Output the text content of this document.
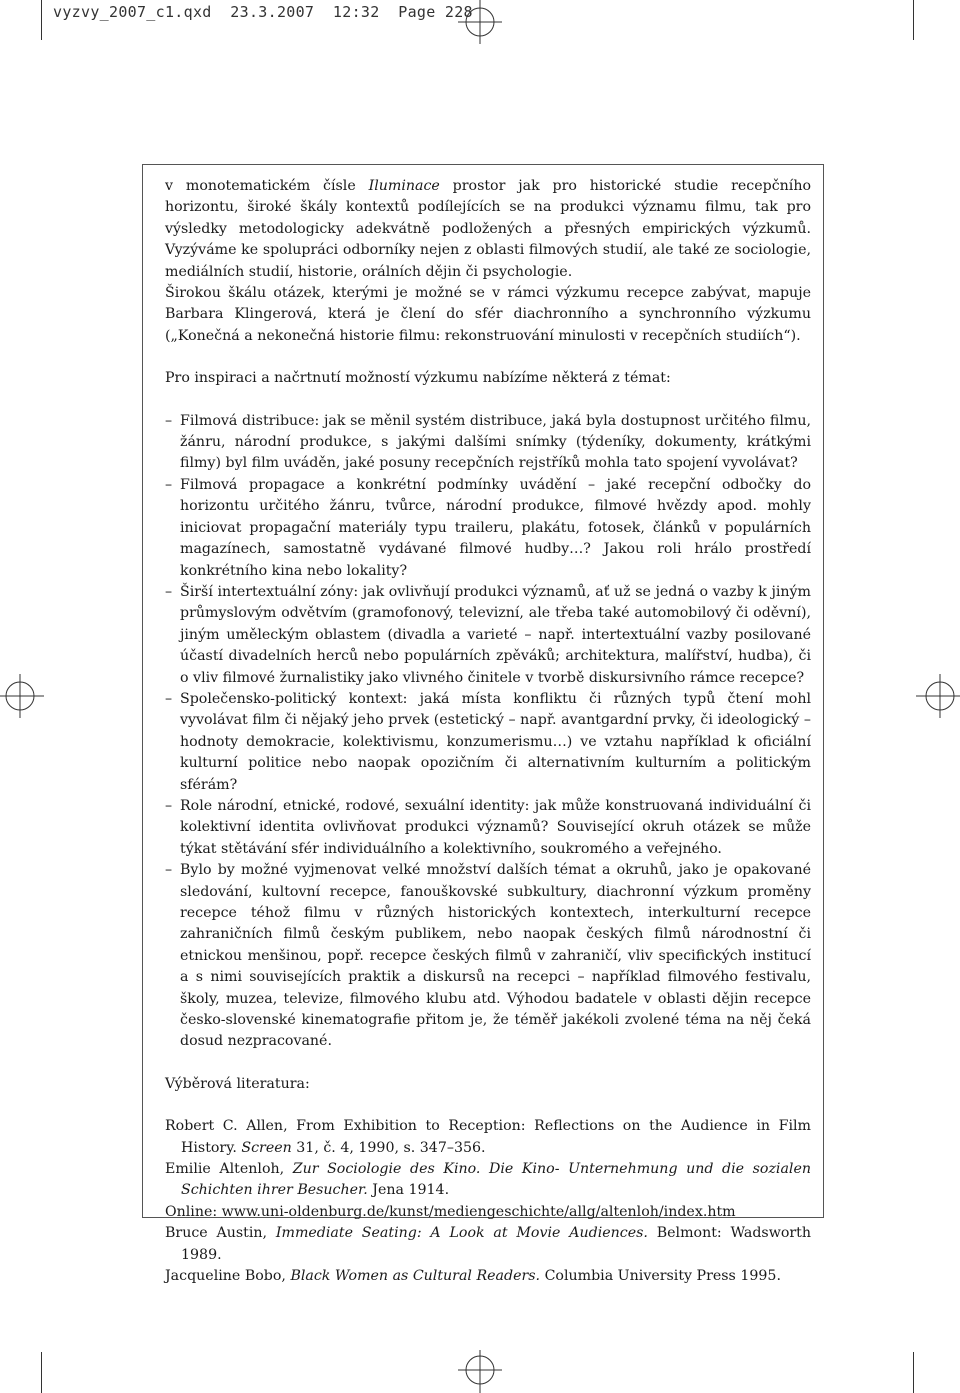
vyzvy_2007_c1.qxd  23.3.2007  12:32  Page 228

v monotematickém čísle Iluminace prostor jak pro historické studie recepčního horizontu, široké škály kontextů podílejících se na produkci významu filmu, tak pro výsledky metodologicky adekvátně podložených a přesných empirických výzkumů. Vyzýváme ke spolupráci odborníky nejen z oblasti filmových studií, ale také ze sociologie, mediálních studií, historie, orálních dějin či psychologie.

Širokou škálu otázek, kterými je možné se v rámci výzkumu recepce zabývat, mapuje Barbara Klingerová, která je člení do sfér diachronního a synchronního výzkumu („Konečná a nekonečná historie filmu: rekonstruování minulosti v recepčních studiích“).

Pro inspiraci a načrtnutí možností výzkumu nabízíme některá z témat:

– Filmová distribuce: jak se měnil systém distribuce, jaká byla dostupnost určitého filmu, žánru, národní produkce, s jakými dalšími snímky (týdeníky, dokumenty, krátkými filmy) byl film uváděn, jaké posuny recepčních rejstříků mohla tato spojení vyvolávat?
– Filmová propagace a konkrétní podmínky uvádění – jaké recepční odbočky do horizontu určitého žánru, tvůrce, národní produkce, filmové hvězdy apod. mohly iniciovat propagační materiály typu traileru, plakátu, fotosek, článků v populárních magazínech, samostatně vydávané filmové hudby…? Jakou roli hrálo prostředí konkrétního kina nebo lokality?
– Širší intertextuální zóny: jak ovlivňují produkci významů, ať už se jedná o vazby k jiným průmyslovým odvětvím (gramofonový, televizní, ale třeba také automobilový či oděvní), jiným uměleckým oblastem (divadla a varieté – např. intertextuální vazby posilované účastí divadelních herců nebo populárních zpěváků; architektura, malířství, hudba), či o vliv filmové žurnalistiky jako vlivného činitele v tvorbě diskursivního rámce recepce?
– Společensko-politický kontext: jaká místa konfliktu či různých typů čtení mohl vyvolávat film či nějaký jeho prvek (estetický – např. avantgardní prvky, či ideologický – hodnoty demokracie, kolektivismu, konzumerismu…) ve vztahu například k oficiální kulturní politice nebo naopak opozičním či alternativním kulturním a politickým sférám?
– Role národní, etnické, rodové, sexuální identity: jak může konstruovaná individuální či kolektivní identita ovlivňovat produkci významů? Související okruh otázek se může týkat stětávání sfér individuálního a kolektivního, soukromého a veřejného.
– Bylo by možné vyjmenovat velké množství dalších témat a okruhů, jako je opakované sledování, kultovní recepce, fanouškovské subkultury, diachronní výzkum proměny recepce téhož filmu v různých historických kontextech, interkulturní recepce zahraničních filmů českým publikem, nebo naopak českých filmů národnostní či etnickou menšinou, popř. recepce českých filmů v zahraničí, vliv specifických institucí a s nimi souvisejících praktik a diskursů na recepci – například filmového festivalu, školy, muzea, televize, filmového klubu atd. Výhodou badatele v oblasti dějin recepce česko-slovenské kinematografie přitom je, že téměř jakékoli zvolené téma na něj čeká dosud nezpracované.

Výběrová literatura:

Robert C. Allen, From Exhibition to Reception: Reflections on the Audience in Film History. Screen 31, č. 4, 1990, s. 347–356.

Emilie Altenloh, Zur Sociologie des Kino. Die Kino- Unternehmung und die sozialen Schichten ihrer Besucher. Jena 1914.

Online: www.uni-oldenburg.de/kunst/mediengeschichte/allg/altenloh/index.htm

Bruce Austin, Immediate Seating: A Look at Movie Audiences. Belmont: Wadsworth 1989.

Jacqueline Bobo, Black Women as Cultural Readers. Columbia University Press 1995.
